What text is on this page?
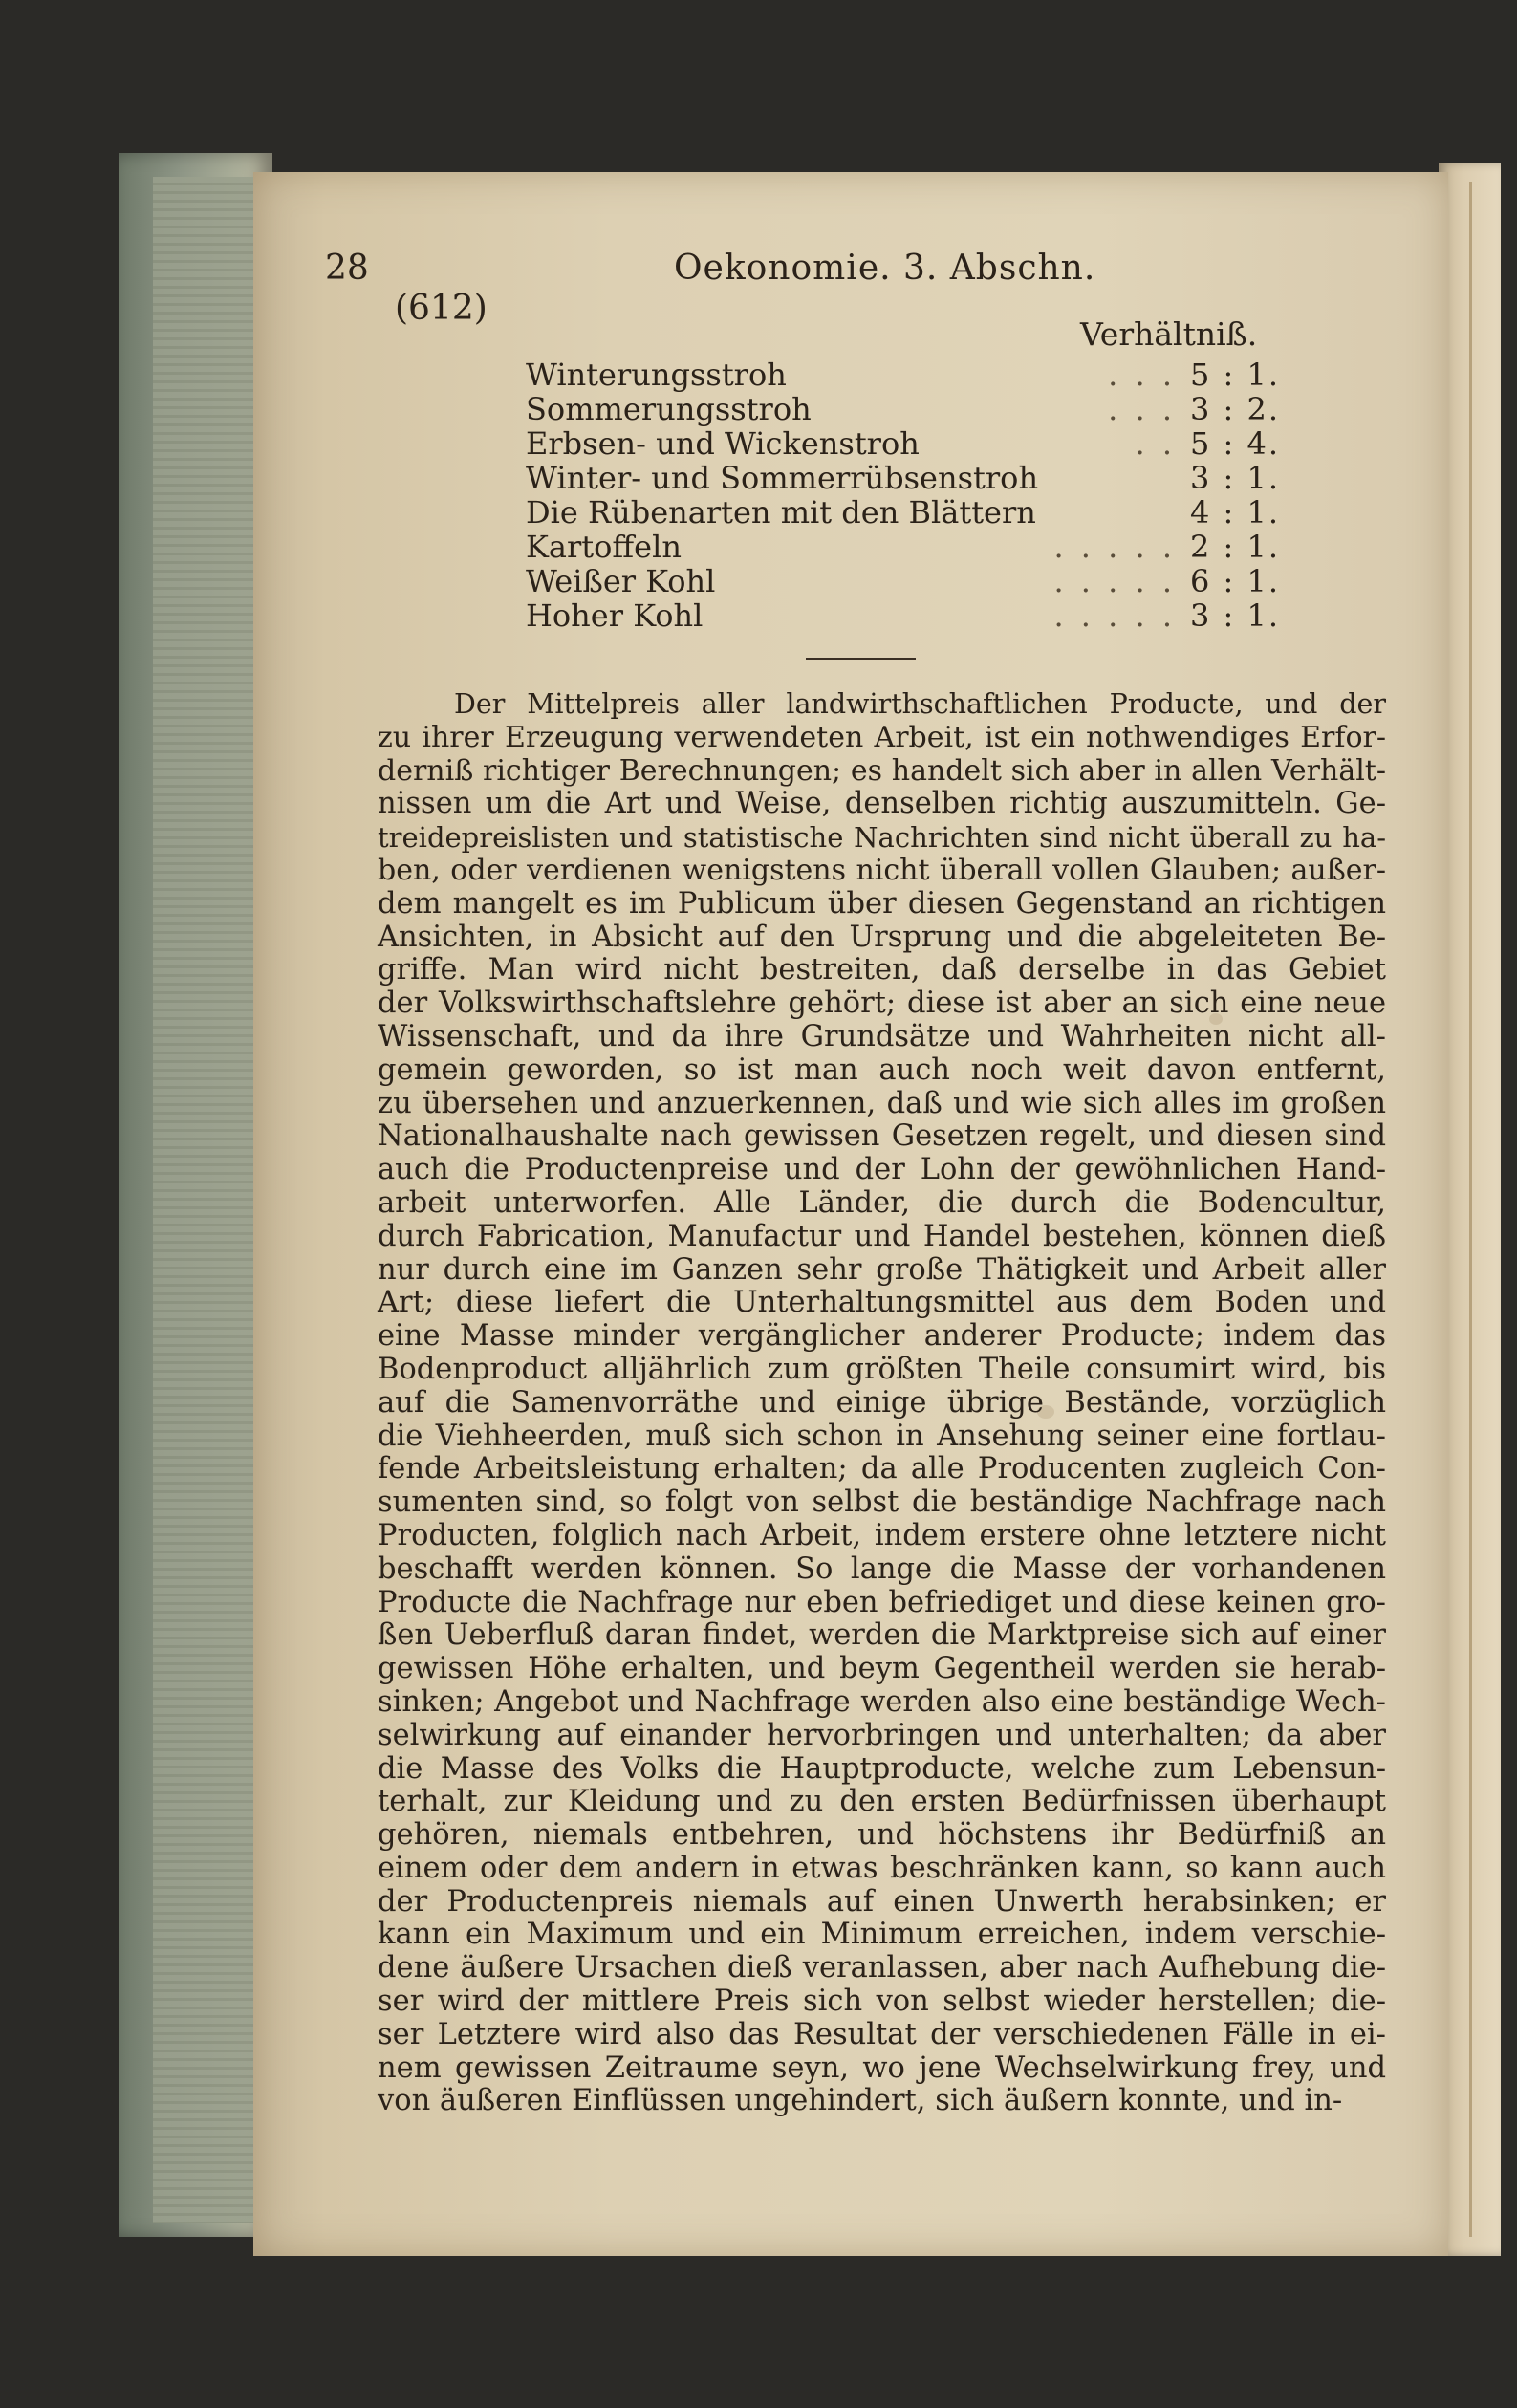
28	Oekonomie. 3. Abschn.
(612)
Verhältniß.
Winterungsstroh	. . . 5 : 1.
Sommerungsstroh	. . . 3 : 2.
Erbsen- und Wickenstroh	. . 5 : 4.
Winter- und Sommerrübsenstroh	3 : 1.
Die Rübenarten mit den Blättern	4 : 1.
Kartoffeln	. . . . . 2 : 1.
Weißer Kohl	. . . . . 6 : 1.
Hoher Kohl	. . . . . 3 : 1.
Der Mittelpreis aller landwirthschaftlichen Producte, und der
zu ihrer Erzeugung verwendeten Arbeit, ist ein nothwendiges Erfor-
derniß richtiger Berechnungen; es handelt sich aber in allen Verhält-
nissen um die Art und Weise, denselben richtig auszumitteln. Ge-
treidepreislisten und statistische Nachrichten sind nicht überall zu ha-
ben, oder verdienen wenigstens nicht überall vollen Glauben; außer-
dem mangelt es im Publicum über diesen Gegenstand an richtigen
Ansichten, in Absicht auf den Ursprung und die abgeleiteten Be-
griffe. Man wird nicht bestreiten, daß derselbe in das Gebiet
der Volkswirthschaftslehre gehört; diese ist aber an sich eine neue
Wissenschaft, und da ihre Grundsätze und Wahrheiten nicht all-
gemein geworden, so ist man auch noch weit davon entfernt,
zu übersehen und anzuerkennen, daß und wie sich alles im großen
Nationalhaushalte nach gewissen Gesetzen regelt, und diesen sind
auch die Productenpreise und der Lohn der gewöhnlichen Hand-
arbeit unterworfen. Alle Länder, die durch die Bodencultur,
durch Fabrication, Manufactur und Handel bestehen, können dieß
nur durch eine im Ganzen sehr große Thätigkeit und Arbeit aller
Art; diese liefert die Unterhaltungsmittel aus dem Boden und
eine Masse minder vergänglicher anderer Producte; indem das
Bodenproduct alljährlich zum größten Theile consumirt wird, bis
auf die Samenvorräthe und einige übrige Bestände, vorzüglich
die Viehheerden, muß sich schon in Ansehung seiner eine fortlau-
fende Arbeitsleistung erhalten; da alle Producenten zugleich Con-
sumenten sind, so folgt von selbst die beständige Nachfrage nach
Producten, folglich nach Arbeit, indem erstere ohne letztere nicht
beschafft werden können. So lange die Masse der vorhandenen
Producte die Nachfrage nur eben befriediget und diese keinen gro-
ßen Ueberfluß daran findet, werden die Marktpreise sich auf einer
gewissen Höhe erhalten, und beym Gegentheil werden sie herab-
sinken; Angebot und Nachfrage werden also eine beständige Wech-
selwirkung auf einander hervorbringen und unterhalten; da aber
die Masse des Volks die Hauptproducte, welche zum Lebensun-
terhalt, zur Kleidung und zu den ersten Bedürfnissen überhaupt
gehören, niemals entbehren, und höchstens ihr Bedürfniß an
einem oder dem andern in etwas beschränken kann, so kann auch
der Productenpreis niemals auf einen Unwerth herabsinken; er
kann ein Maximum und ein Minimum erreichen, indem verschie-
dene äußere Ursachen dieß veranlassen, aber nach Aufhebung die-
ser wird der mittlere Preis sich von selbst wieder herstellen; die-
ser Letztere wird also das Resultat der verschiedenen Fälle in ei-
nem gewissen Zeitraume seyn, wo jene Wechselwirkung frey, und
von äußeren Einflüssen ungehindert, sich äußern konnte, und in-
